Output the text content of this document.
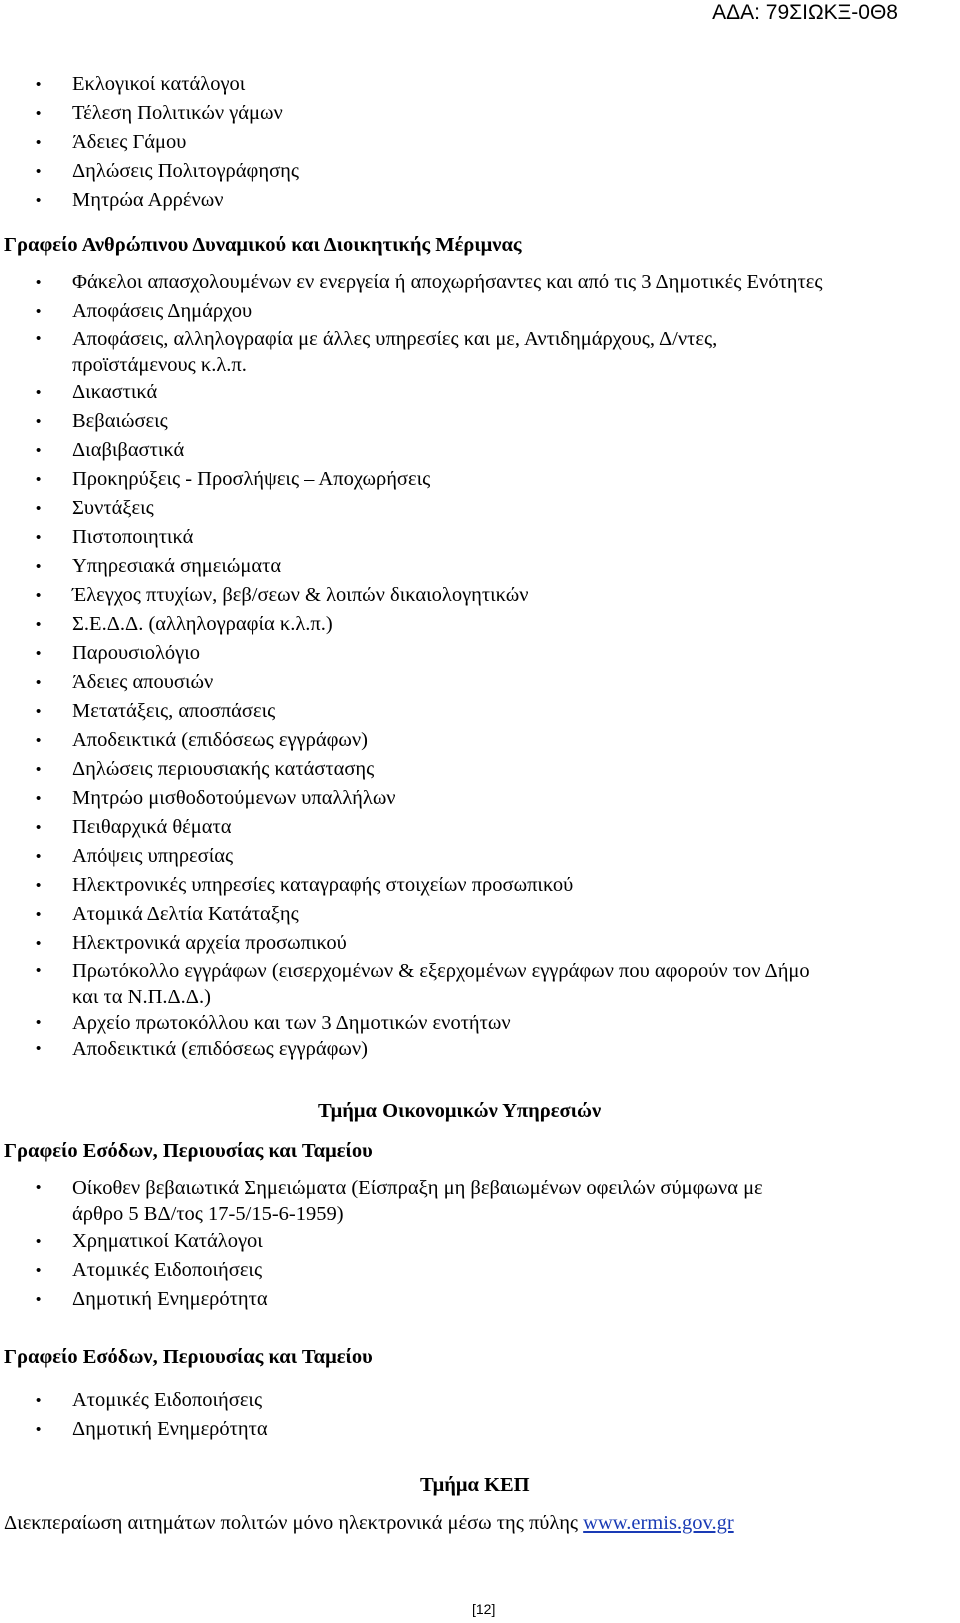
ΑΔΑ: 79ΣΙΩΚΞ-0Θ8
• Εκλογικοί κατάλογοι
• Τέλεση Πολιτικών γάμων
• Άδειες Γάμου
• Δηλώσεις Πολιτογράφησης
• Μητρώα Αρρένων
Γραφείο Ανθρώπινου Δυναμικού και Διοικητικής Μέριμνας
• Φάκελοι απασχολουμένων εν ενεργεία ή αποχωρήσαντες και από τις 3 Δημοτικές Ενότητες
• Αποφάσεις Δημάρχου
• Αποφάσεις, αλληλογραφία με άλλες υπηρεσίες και με, Αντιδημάρχους, Δ/ντες,
προϊστάμενους κ.λ.π.
• Δικαστικά
• Βεβαιώσεις
• Διαβιβαστικά
• Προκηρύξεις - Προσλήψεις – Αποχωρήσεις
• Συντάξεις
• Πιστοποιητικά
• Υπηρεσιακά σημειώματα
• Έλεγχος πτυχίων, βεβ/σεων & λοιπών δικαιολογητικών
• Σ.Ε.Δ.Δ. (αλληλογραφία κ.λ.π.)
• Παρουσιολόγιο
• Άδειες απουσιών
• Μετατάξεις, αποσπάσεις
• Αποδεικτικά (επιδόσεως εγγράφων)
• Δηλώσεις περιουσιακής κατάστασης
• Μητρώο μισθοδοτούμενων υπαλλήλων
• Πειθαρχικά θέματα
• Απόψεις υπηρεσίας
• Ηλεκτρονικές υπηρεσίες καταγραφής στοιχείων προσωπικού
• Ατομικά Δελτία Κατάταξης
• Ηλεκτρονικά αρχεία προσωπικού
• Πρωτόκολλο εγγράφων (εισερχομένων & εξερχομένων εγγράφων που αφορούν τον Δήμο
και τα Ν.Π.Δ.Δ.)
• Αρχείο πρωτοκόλλου και των 3 Δημοτικών ενοτήτων
• Αποδεικτικά (επιδόσεως εγγράφων)
Τμήμα Οικονομικών Υπηρεσιών
Γραφείο Εσόδων, Περιουσίας και Ταμείου
• Οίκοθεν βεβαιωτικά Σημειώματα (Είσπραξη μη βεβαιωμένων οφειλών σύμφωνα με
άρθρο 5 ΒΔ/τος 17-5/15-6-1959)
• Χρηματικοί Κατάλογοι
• Ατομικές Ειδοποιήσεις
• Δημοτική Ενημερότητα
Γραφείο Εσόδων, Περιουσίας και Ταμείου
• Ατομικές Ειδοποιήσεις
• Δημοτική Ενημερότητα
Τμήμα ΚΕΠ
Διεκπεραίωση αιτημάτων πολιτών μόνο ηλεκτρονικά μέσω της πύλης www.ermis.gov.gr
[12]
